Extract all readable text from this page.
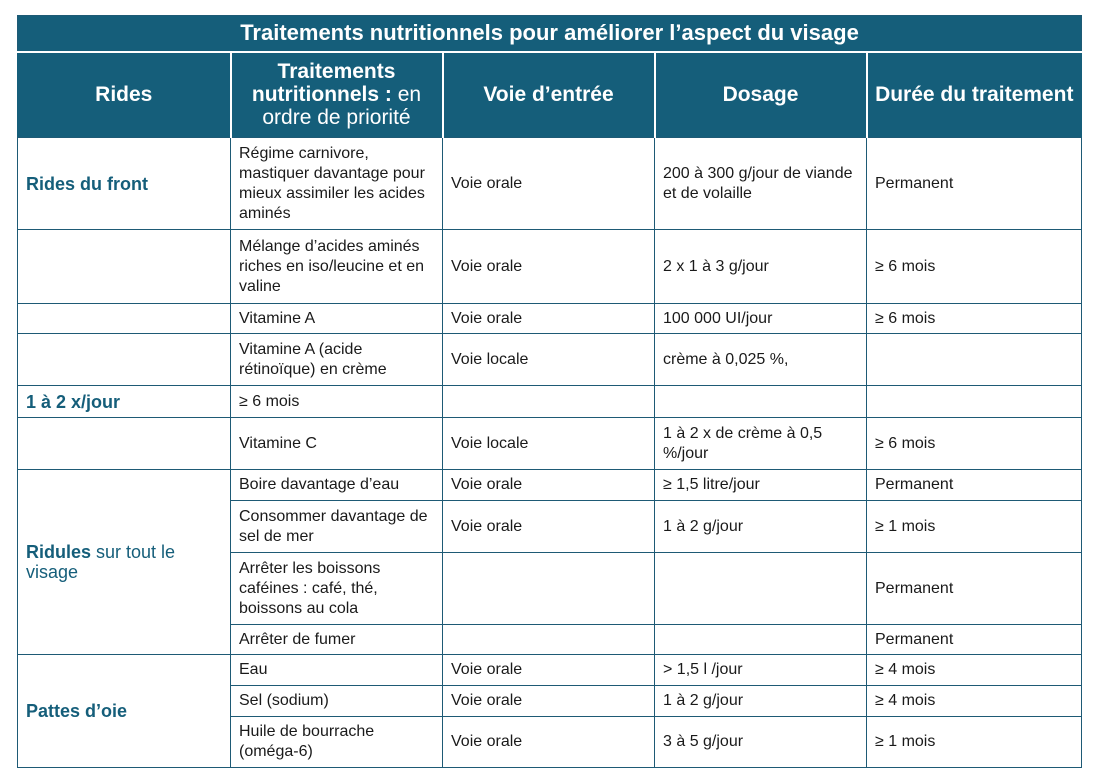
Traitements nutritionnels pour améliorer l’aspect du visage				
Rides	Traitements nutritionnels : en ordre de priorité	Voie d’entrée	Dosage	Durée du traitement
Rides du front	Régime carnivore, mastiquer davantage pour mieux assimiler les acides aminés	Voie orale	200 à 300 g/jour de viande et de volaille	Permanent
	Mélange d’acides aminés riches en iso/leucine et en valine	Voie orale	2 x 1 à 3 g/jour	≥ 6 mois
	Vitamine A	Voie orale	100 000 UI/jour	≥ 6 mois
	Vitamine A (acide rétinoïque) en crème	Voie locale	crème à 0,025 %,	
1 à 2 x/jour	≥ 6 mois			
	Vitamine C	Voie locale	1 à 2 x de crème à 0,5 %/jour	≥ 6 mois
Ridules sur tout le visage	Boire davantage d’eau	Voie orale	≥ 1,5 litre/jour	Permanent
	Consommer davantage de sel de mer	Voie orale	1 à 2 g/jour	≥ 1 mois
	Arrêter les boissons caféines : café, thé, boissons au cola			Permanent
	Arrêter de fumer			Permanent
Pattes d’oie	Eau	Voie orale	> 1,5 l /jour	≥ 4 mois
	Sel (sodium)	Voie orale	1 à 2 g/jour	≥ 4 mois
	Huile de bourrache (oméga-6)	Voie orale	3 à 5 g/jour	≥ 1 mois
